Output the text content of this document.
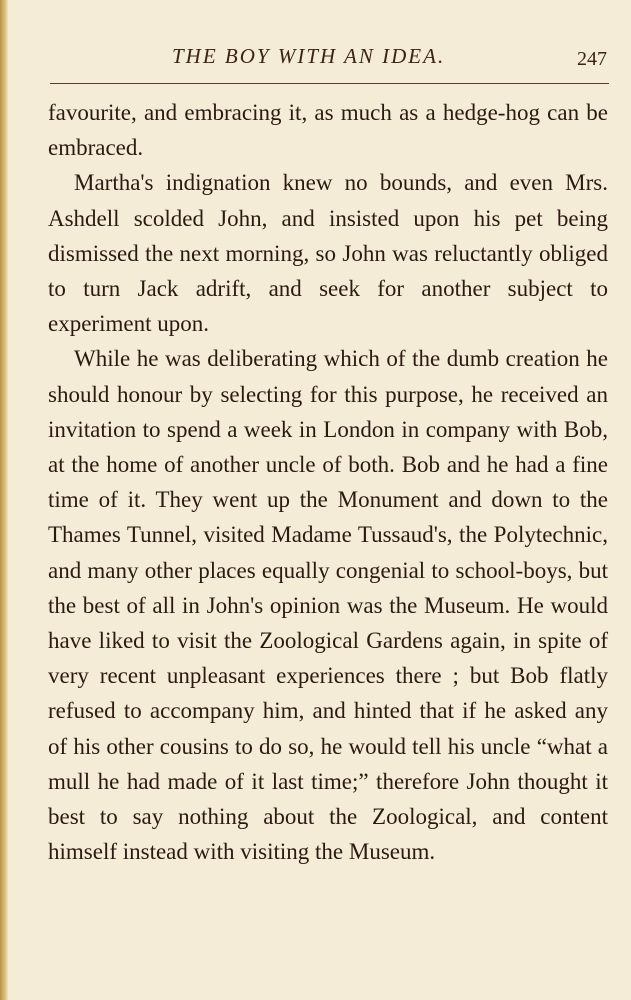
THE BOY WITH AN IDEA.	247

favourite, and embracing it, as much as a hedge-hog can be embraced.

Martha's indignation knew no bounds, and even Mrs. Ashdell scolded John, and insisted upon his pet being dismissed the next morning, so John was reluctantly obliged to turn Jack adrift, and seek for another subject to experiment upon.

While he was deliberating which of the dumb creation he should honour by selecting for this purpose, he received an invitation to spend a week in London in company with Bob, at the home of another uncle of both. Bob and he had a fine time of it. They went up the Monument and down to the Thames Tunnel, visited Madame Tussaud's, the Polytechnic, and many other places equally congenial to school-boys, but the best of all in John's opinion was the Museum. He would have liked to visit the Zoological Gardens again, in spite of very recent unpleasant experiences there ; but Bob flatly refused to accompany him, and hinted that if he asked any of his other cousins to do so, he would tell his uncle “what a mull he had made of it last time;” therefore John thought it best to say nothing about the Zoological, and content himself instead with visiting the Museum.
